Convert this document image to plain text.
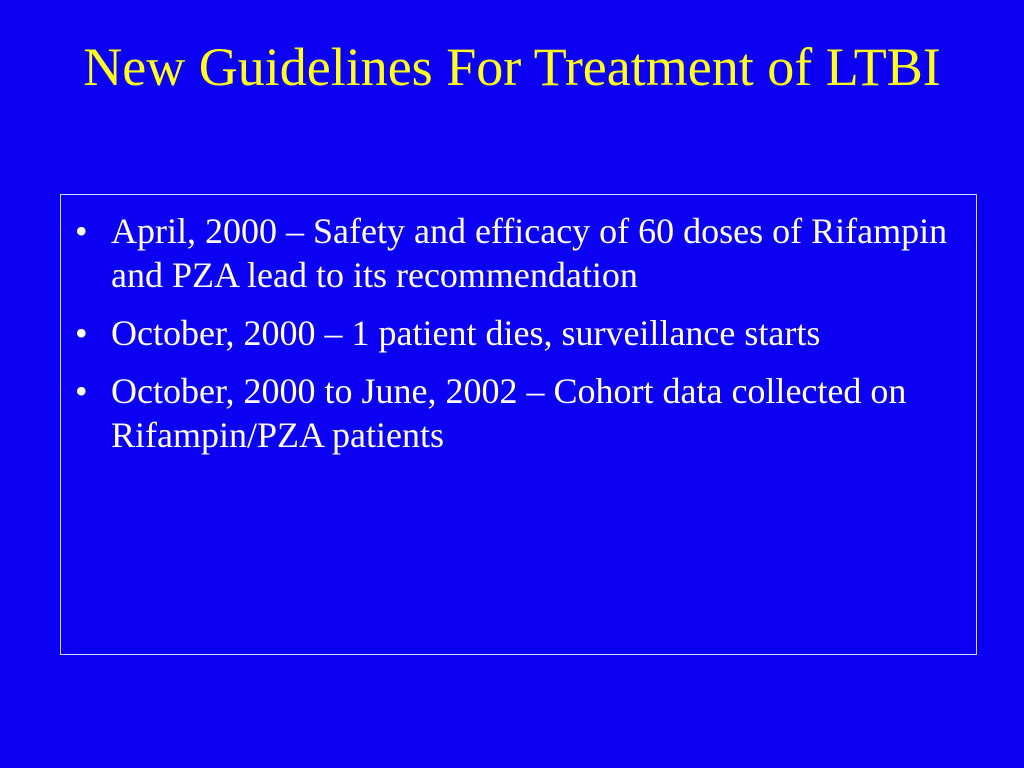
New Guidelines For Treatment of LTBI
• April, 2000 – Safety and efficacy of 60 doses of Rifampin and PZA lead to its recommendation
• October, 2000 – 1 patient dies, surveillance starts
• October, 2000 to June, 2002 – Cohort data collected on Rifampin/PZA patients
